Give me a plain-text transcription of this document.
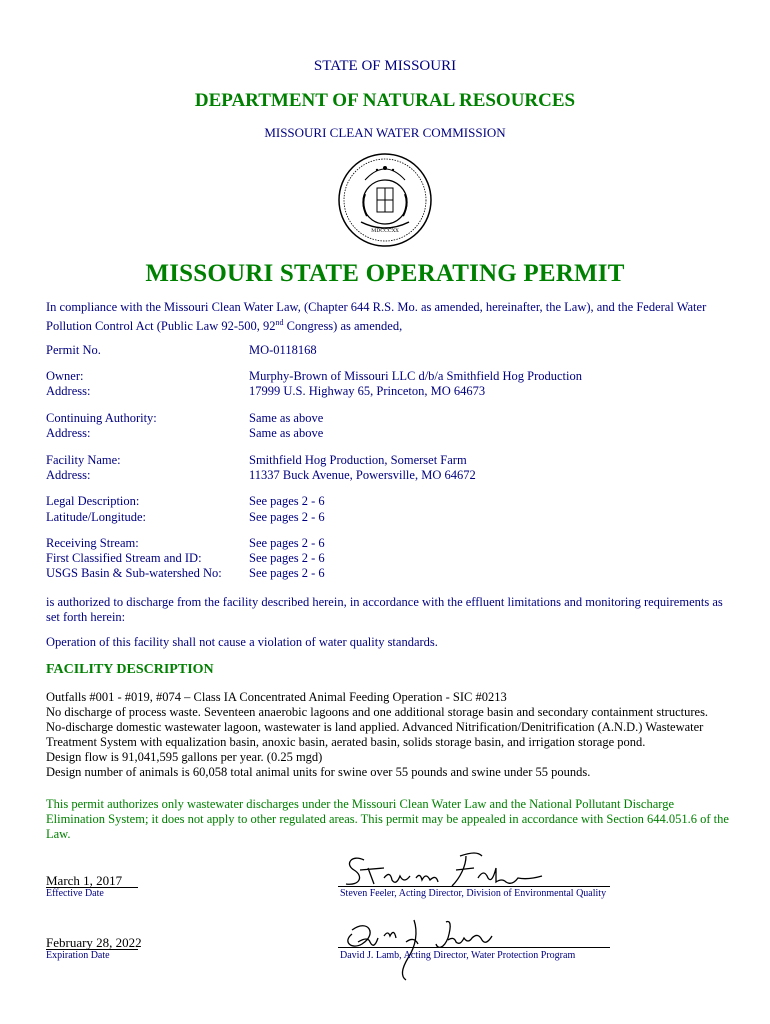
STATE OF MISSOURI
DEPARTMENT OF NATURAL RESOURCES
MISSOURI CLEAN WATER COMMISSION
MDCCCXX
MISSOURI STATE OPERATING PERMIT
In compliance with the Missouri Clean Water Law, (Chapter 644 R.S. Mo. as amended, hereinafter, the Law), and the Federal Water Pollution Control Act (Public Law 92-500, 92nd Congress) as amended,
Permit No.	MO-0118168
Owner:	Murphy-Brown of Missouri LLC d/b/a Smithfield Hog Production
Address:	17999 U.S. Highway 65, Princeton, MO 64673
Continuing Authority:	Same as above
Address:	Same as above
Facility Name:	Smithfield Hog Production, Somerset Farm
Address:	11337 Buck Avenue, Powersville, MO 64672
Legal Description:	See pages 2 - 6
Latitude/Longitude:	See pages 2 - 6
Receiving Stream:	See pages 2 - 6
First Classified Stream and ID:	See pages 2 - 6
USGS Basin & Sub-watershed No:	See pages 2 - 6
is authorized to discharge from the facility described herein, in accordance with the effluent limitations and monitoring requirements as set forth herein:
Operation of this facility shall not cause a violation of water quality standards.
FACILITY DESCRIPTION
Outfalls #001 - #019, #074 – Class IA Concentrated Animal Feeding Operation - SIC #0213
No discharge of process waste. Seventeen anaerobic lagoons and one additional storage basin and secondary containment structures.
No-discharge domestic wastewater lagoon, wastewater is land applied. Advanced Nitrification/Denitrification (A.N.D.) Wastewater Treatment System with equalization basin, anoxic basin, aerated basin, solids storage basin, and irrigation storage pond.
Design flow is 91,041,595 gallons per year. (0.25 mgd)
Design number of animals is 60,058 total animal units for swine over 55 pounds and swine under 55 pounds.
This permit authorizes only wastewater discharges under the Missouri Clean Water Law and the National Pollutant Discharge Elimination System; it does not apply to other regulated areas. This permit may be appealed in accordance with Section 644.051.6 of the Law.
March 1, 2017
Effective Date	Steven Feeler, Acting Director, Division of Environmental Quality
February 28, 2022
Expiration Date	David J. Lamb, Acting Director, Water Protection Program
